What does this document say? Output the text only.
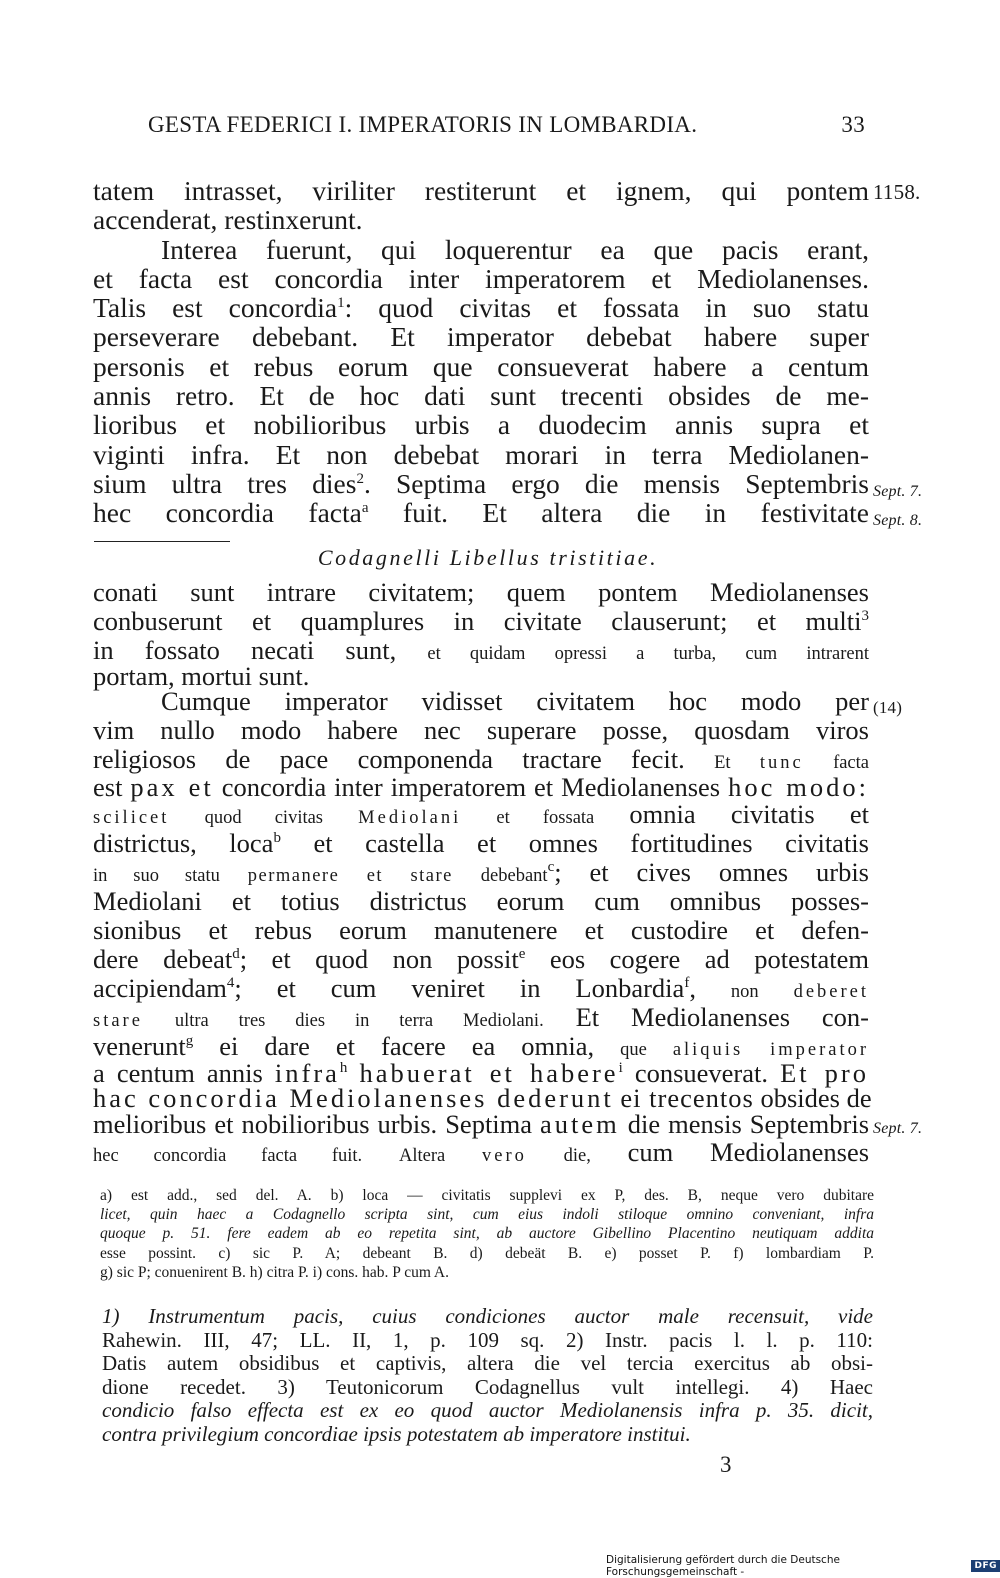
GESTA FEDERICI I. IMPERATORIS IN LOMBARDIA.	33
tatem intrasset, viriliter restiterunt et ignem, qui pontem 1158.
accenderat, restinxerunt.
Interea fuerunt, qui loquerentur ea que pacis erant,
et facta est concordia inter imperatorem et Mediolanenses.
Talis est concordia$^1$: quod civitas et fossata in suo statu
perseverare debebant. Et imperator debebat habere super
personis et rebus eorum que consueverat habere a centum
annis retro. Et de hoc dati sunt trecenti obsides de me-
lioribus et nobilioribus urbis a duodecim annis supra et
viginti infra. Et non debebat morari in terra Mediolanen-
sium ultra tres dies$^2$. Septima ergo die mensis Septembris Sept. 7.
hec concordia facta$^a$ fuit. Et altera die in festivitate Sept. 8.
Codagnelli Libellus tristitiae.
conati sunt intrare civitatem; quem pontem Mediolanenses
conbuserunt et quamplures in civitate clauserunt; et multi$^3$
in fossato necati sunt, et quidam opressi a turba, cum intrarent
portam, mortui sunt.
Cumque imperator vidisset civitatem hoc modo per (14)
vim nullo modo habere nec superare posse, quosdam viros
religiosos de pace componenda tractare fecit. Et tunc facta
est pax et concordia inter imperatorem et Mediolanenses hoc modo:
scilicet quod civitas Mediolani et fossata omnia civitatis et
districtus, loca$^b$ et castella et omnes fortitudines civitatis
in suo statu permanere et stare debebant$^c$; et cives omnes urbis
Mediolani et totius districtus eorum cum omnibus posses-
sionibus et rebus eorum manutenere et custodire et defen-
dere debeat$^d$; et quod non possit$^e$ eos cogere ad potestatem
accipiendam$^4$; et cum veniret in Lonbardia$^f$, non deberet
stare ultra tres dies in terra Mediolani. Et Mediolanenses con-
venerunt$^g$ ei dare et facere ea omnia, que aliquis imperator
a centum annis infra$^h$ habuerat et habere$^i$ consueverat. Et pro
hac concordia Mediolanenses dederunt ei trecentos obsides de
melioribus et nobilioribus urbis. Septima autem die mensis Septembris Sept. 7.
hec concordia facta fuit. Altera vero die, cum Mediolanenses
a) est add., sed del. A. b) loca — civitatis supplevi ex P, des. B, neque vero dubitare
licet, quin haec a Codagnello scripta sint, cum eius indoli stiloque omnino conveniant, infra
quoque p. 51. fere eadem ab eo repetita sint, ab auctore Gibellino Placentino neutiquam addita
esse possint. c) sic P. A; debeant B. d) debeät B. e) posset P. f) lombardiam P.
g) sic P; conuenirent B. h) citra P. i) cons. hab. P cum A.
1) Instrumentum pacis, cuius condiciones auctor male recensuit, vide
Rahewin. III, 47; LL. II, 1, p. 109 sq. 2) Instr. pacis l. l. p. 110:
Datis autem obsidibus et captivis, altera die vel tercia exercitus ab obsi-
dione recedet. 3) Teutonicorum Codagnellus vult intellegi. 4) Haec
condicio falso effecta est ex eo quod auctor Mediolanensis infra p. 35. dicit,
contra privilegium concordiae ipsis potestatem ab imperatore institui.
3
Digitalisierung gefördert durch die Deutsche Forschungsgemeinschaft -	DFG
